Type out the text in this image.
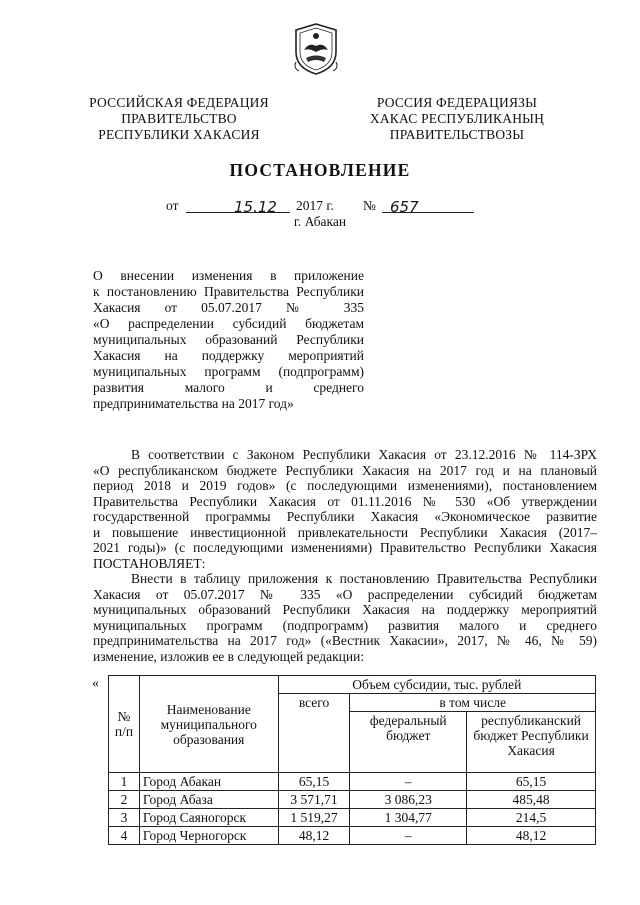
РОССИЙСКАЯ ФЕДЕРАЦИЯ
ПРАВИТЕЛЬСТВО
РЕСПУБЛИКИ ХАКАСИЯ
РОССИЯ ФЕДЕРАЦИЯЗЫ
ХАКАС РЕСПУБЛИКАНЫҢ
ПРАВИТЕЛЬСТВОЗЫ
ПОСТАНОВЛЕНИЕ
от	15.12 2017 г. № 657
г. Абакан
О внесении изменения в приложение
к постановлению Правительства Республики
Хакасия от 05.07.2017 № 335
«О распределении субсидий бюджетам
муниципальных образований Республики
Хакасия на поддержку мероприятий
муниципальных программ (подпрограмм)
развития малого и среднего
предпринимательства на 2017 год»
В соответствии с Законом Республики Хакасия от 23.12.2016 № 114-ЗРХ
«О республиканском бюджете Республики Хакасия на 2017 год и на плановый
период 2018 и 2019 годов» (с последующими изменениями), постановлением
Правительства Республики Хакасия от 01.11.2016 № 530 «Об утверждении
государственной программы Республики Хакасия «Экономическое развитие
и повышение инвестиционной привлекательности Республики Хакасия (2017–
2021 годы)» (с последующими изменениями) Правительство Республики Хакасия
ПОСТАНОВЛЯЕТ:
Внести в таблицу приложения к постановлению Правительства Республики
Хакасия от 05.07.2017 № 335 «О распределении субсидий бюджетам
муниципальных образований Республики Хакасия на поддержку мероприятий
муниципальных программ (подпрограмм) развития малого и среднего
предпринимательства на 2017 год» («Вестник Хакасии», 2017, № 46, № 59)
изменение, изложив ее в следующей редакции:
«
№ п/п	Наименование муниципального образования	Объем субсидии, тыс. рублей		
		всего	в том числе	
			федеральный бюджет	республиканский бюджет Республики Хакасия
1	Город Абакан	65,15	–	65,15
2	Город Абаза	3 571,71	3 086,23	485,48
3	Город Саяногорск	1 519,27	1 304,77	214,5
4	Город Черногорск	48,12	–	48,12
